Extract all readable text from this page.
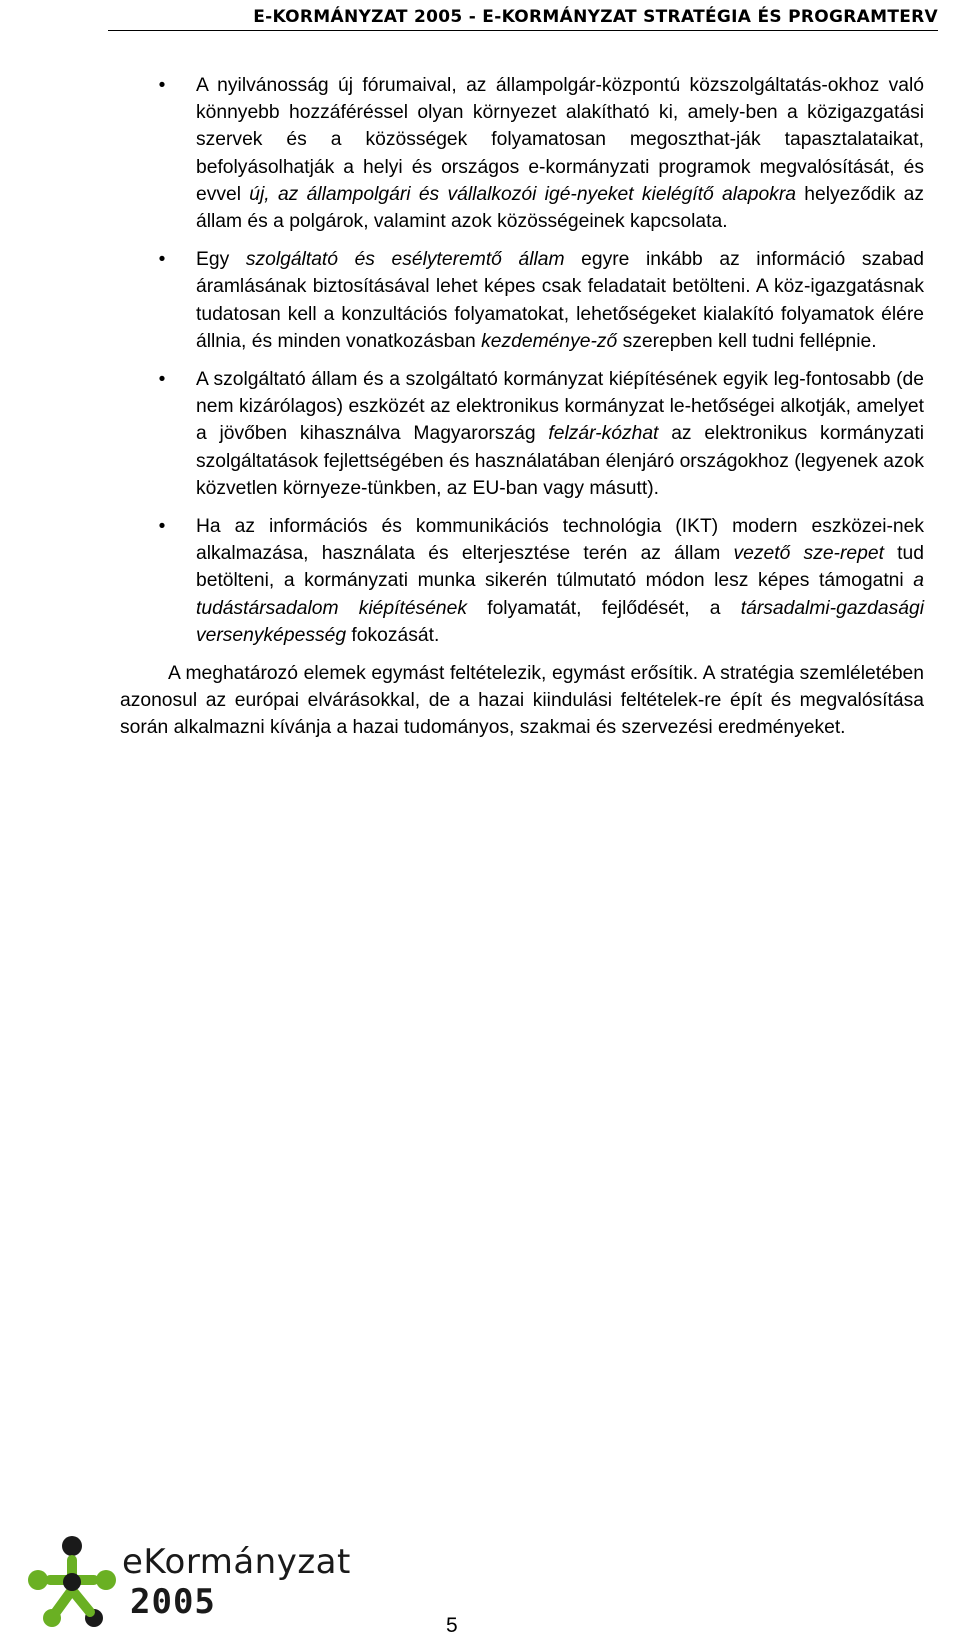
E-KORMÁNYZAT 2005 - E-KORMÁNYZAT STRATÉGIA ÉS PROGRAMTERV
• A nyilvánosság új fórumaival, az állampolgár-központú közszolgáltatás-okhoz való könnyebb hozzáféréssel olyan környezet alakítható ki, amely-ben a közigazgatási szervek és a közösségek folyamatosan megoszthat-ják tapasztalataikat, befolyásolhatják a helyi és országos e-kormányzati programok megvalósítását, és evvel új, az állampolgári és vállalkozói igé-nyeket kielégítő alapokra helyeződik az állam és a polgárok, valamint azok közösségeinek kapcsolata.
• Egy szolgáltató és esélyteremtő állam egyre inkább az információ szabad áramlásának biztosításával lehet képes csak feladatait betölteni. A köz-igazgatásnak tudatosan kell a konzultációs folyamatokat, lehetőségeket kialakító folyamatok élére állnia, és minden vonatkozásban kezdeménye-ző szerepben kell tudni fellépnie.
• A szolgáltató állam és a szolgáltató kormányzat kiépítésének egyik leg-fontosabb (de nem kizárólagos) eszközét az elektronikus kormányzat le-hetőségei alkotják, amelyet a jövőben kihasználva Magyarország felzár-kózhat az elektronikus kormányzati szolgáltatások fejlettségében és használatában élenjáró országokhoz (legyenek azok közvetlen környeze-tünkben, az EU-ban vagy másutt).
• Ha az információs és kommunikációs technológia (IKT) modern eszközei-nek alkalmazása, használata és elterjesztése terén az állam vezető sze-repet tud betölteni, a kormányzati munka sikerén túlmutató módon lesz képes támogatni a tudástársadalom kiépítésének folyamatát, fejlődését, a társadalmi-gazdasági versenyképesség fokozását.

A meghatározó elemek egymást feltételezik, egymást erősítik. A stratégia szemléletében azonosul az európai elvárásokkal, de a hazai kiindulási feltételek-re épít és megvalósítása során alkalmazni kívánja a hazai tudományos, szakmai és szervezési eredményeket.

eKormányzat
2005
5
